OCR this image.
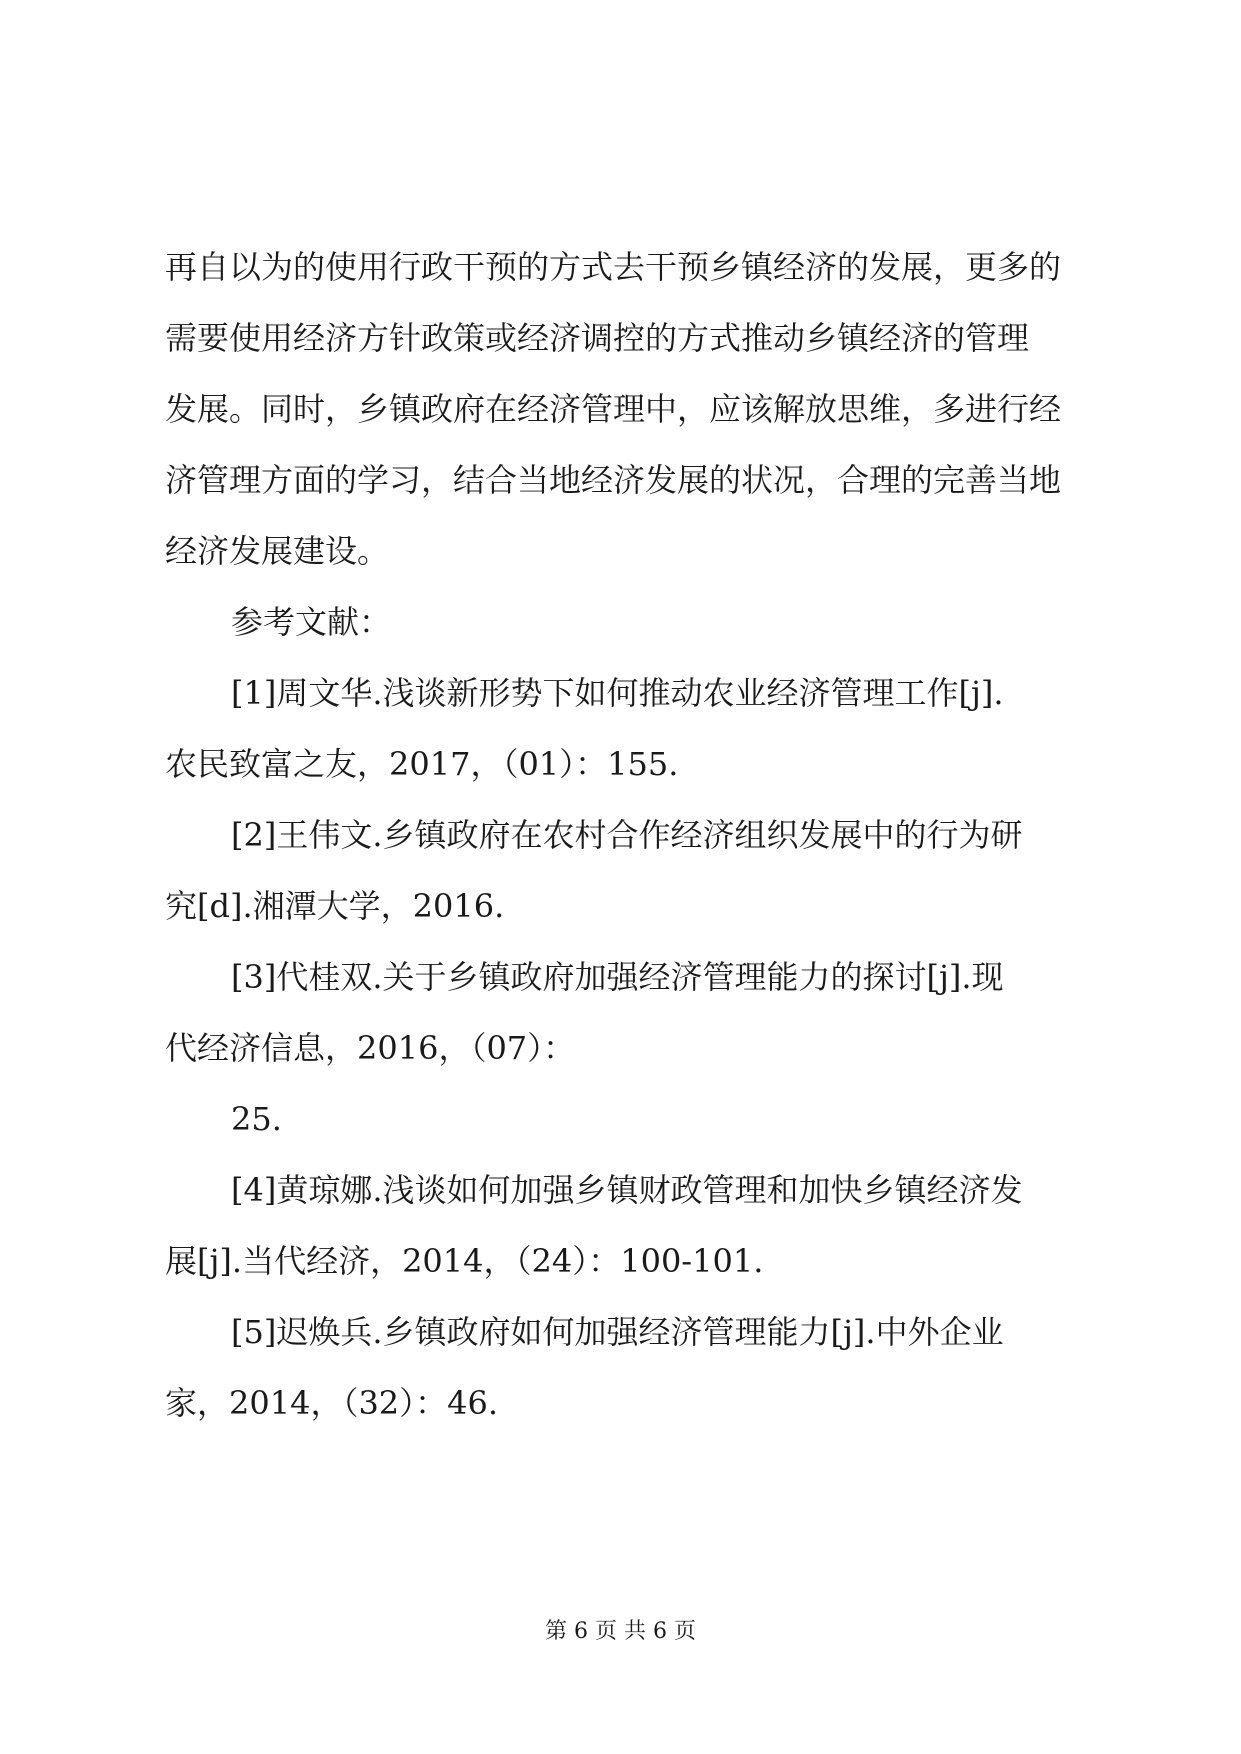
再自以为的使用行政干预的方式去干预乡镇经济的发展，更多的
需要使用经济方针政策或经济调控的方式推动乡镇经济的管理
发展。同时，乡镇政府在经济管理中，应该解放思维，多进行经
济管理方面的学习，结合当地经济发展的状况，合理的完善当地
经济发展建设。
参考文献：
[1]周文华.浅谈新形势下如何推动农业经济管理工作[j].
农民致富之友，2017，（01）：155.
[2]王伟文.乡镇政府在农村合作经济组织发展中的行为研
究[d].湘潭大学，2016.
[3]代桂双.关于乡镇政府加强经济管理能力的探讨[j].现
代经济信息，2016，（07）：
25.
[4]黄琼娜.浅谈如何加强乡镇财政管理和加快乡镇经济发
展[j].当代经济，2014，（24）：100-101.
[5]迟焕兵.乡镇政府如何加强经济管理能力[j].中外企业
家，2014，（32）：46.
第 6 页 共 6 页
